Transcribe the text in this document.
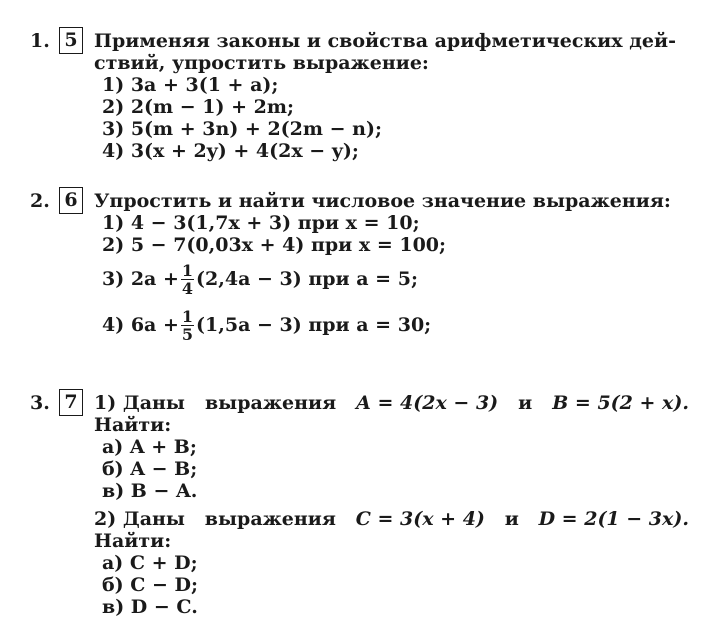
1. 5 Применяя законы и свойства арифметических дей-
ствий, упростить выражение:
1) 3a + 3(1 + a);
2) 2(m − 1) + 2m;
3) 5(m + 3n) + 2(2m − n);
4) 3(x + 2y) + 4(2x − y);
2. 6 Упростить и найти числовое значение выражения:
1) 4 − 3(1,7x + 3) при x = 10;
2) 5 − 7(0,03x + 4) при x = 100;
3) $2a + \frac{1}{4} (2,4a - 3)$ при a = 5;
4) $6a + \frac{1}{5} (1,5a - 3)$ при a = 30;
3. 7 1) Даны выражения A = 4(2x − 3) и B = 5(2 + x).
Найти:
а) A + B;
б) A − B;
в) B − A.
2) Даны выражения C = 3(x + 4) и D = 2(1 − 3x).
Найти:
а) C + D;
б) C − D;
в) D − C.
